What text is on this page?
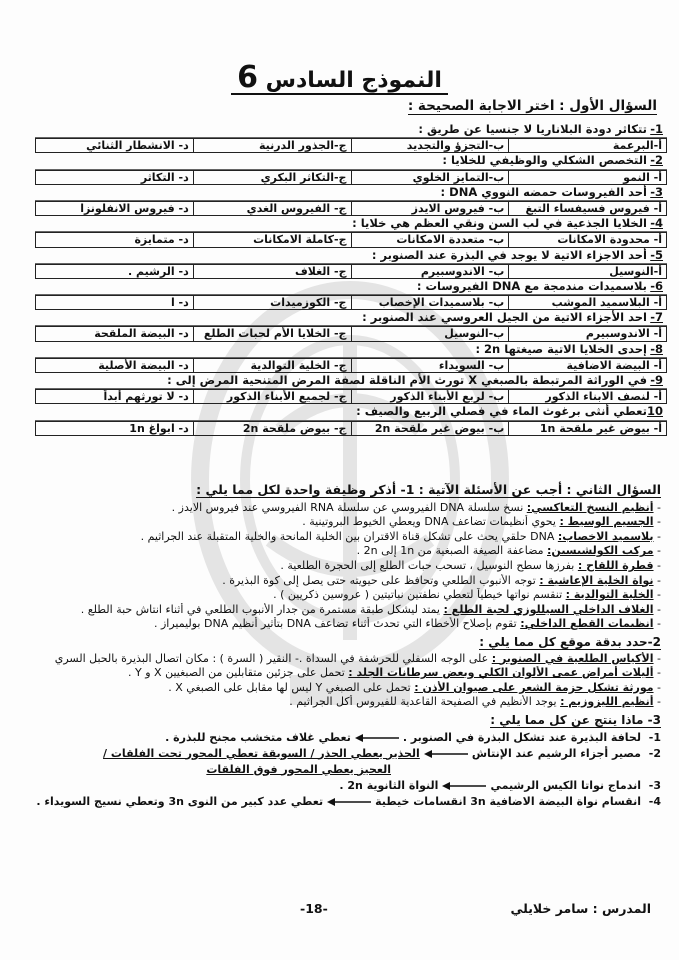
النموذج السادس 6
السؤال الأول : اختر الاجابة الصحيحة :
1-تتكاثر دودة البلاناريا لا جنسيا عن طريق :
أ-البرعمة
ب-التجزؤ والتجديد
ج-الجذور الدرنية
د- الانشطار الثنائي
2-التخصص الشكلي والوظيفي للخلايا :
أ- النمو
ب-التمايز الخلوي
ج-التكاثر البكري
د- التكاثر
3-أحد الفيروسات حمضه النووي DNA :
أ- فيروس فسيفساء التبغ
ب- فيروس الايدز
ج- الفيروس الغدي
د- فيروس الانفلونزا
4-الخلايا الجذعية في لب السن ونقي العظم هي خلايا :
أ- محدودة الامكانات
ب- متعددة الامكانات
ج-كاملة الامكانات
د- متمايزة
5-أحد الاجزاء الاتية لا يوجد في البذرة عند الصنوبر :
أ-النوسيل
ب- الاندوسبيرم
ج- الغلاف
د- الرشيم .
6-بلاسميدات مندمجة مع DNA الفيروسات :
أ- البلاسميد الموشب
ب- بلاسميدات الإخصاب
ج- الكوزميدات
د- ا
7-احد الأجزاء الاتية من الجيل العروسي عند الصنوبر :
أ- الاندوسبيرم
ب-النوسيل
ج- الخلايا الأم لحبات الطلع
د- البيضة الملقحة
8-إحدى الخلايا الاتية صيغتها 2n :
أ- البيضة الاضافية
ب- السويداء
ج- الخلية التوالدية
د- البيضة الأصلية
9-في الوراثة المرتبطة بالصبغي X تورث الأم الناقلة لصفة المرض المتنحية المرض إلى :
أ- لنصف الابناء الذكور
ب- لربع الأبناء الذكور
ج- لجميع الأبناء الذكور
د- لا تورثهم أبداً
10تعطي أنثى برغوث الماء في فصلي الربيع والصيف :
أ- بيوض غير ملقحة 1n
ب- بيوض غير ملقحة 2n
ج- بيوض ملقحة 2n
د- ابواغ 1n
السؤال الثاني : أجب عن الأسئلة الآتية : 1- أذكر وظيفة واحدة لكل مما يلي :
- أنظيم النسخ التعاكسي: نسخ سلسلة DNA الفيروسي عن سلسلة RNA الفيروسي عند فيروس الايدز .
- الجسيم الوسيط : يحوي أنظيمات تضاعف DNA ويعطي الخيوط البروتينية .
- بلاسميد الاخصاب: DNA حلقي يحث على تشكل قناة الاقتران بين الخلية المانحة والخلية المتقبلة عند الجراثيم .
- مركب الكولشيسين: مضاعفة الصيغة الصبغية من 1n إلى 2n .
- قطرة اللقاح : بفرزها سطح النوسيل ، تسحب حبات الطلع إلى الحجرة الطلعية .
- نواة الخلية الإعاشية : توجه الأنبوب الطلعي وتحافظ على حيويته حتى يصل إلى كوة البذيرة .
- الخلية التوالدية : تنقسم نواتها خيطياً لتعطي نطفتين نباتيتين ( عروسين ذكريين ) .
- الغلاف الداخلي السيللوزي لحبة الطلع : يمتد ليشكل طبقة مستمرة من جدار الأنبوب الطلعي في أثناء انتاش حبة الطلع .
- انظيمات القطع الداخلي: تقوم بإصلاح الأخطاء التي تحدث أثناء تضاعف DNA بتأثير أنظيم DNA بوليميراز .
2-حدد بدقة موقع كل مما يلي :
- الأكياس الطلعية في الصنوبر : على الوجه السفلي للحرشفة في السداة .- النقير ( السرة ) : مكان اتصال البذيرة بالحبل السري
- أليلات أمراض عمى الألوان الكلي وبعض سرطانات الجلد : تحمل على جزئين متقابلين من الصبغيين X و Y .
- مورثة تشكل حزمة الشعر على صيوان الأذن : تحمل على الصبغي Y ليس لها مقابل على الصبغي X .
- أنظيم الليزوزيم : يوجد الأنظيم في الصفيحة القاعدية للفيروس أكل الجراثيم .
3- ماذا ينتج عن كل مما يلي :
1-لحافة البذيرة عند تشكل البذرة في الصنوبر .تعطي غلاف متخشب مجنح للبذرة .
2-مصير أجزاء الرشيم عند الإنتاشالجذير يعطي الجذر / السويقة تعطي المحور تحت الفلقات /
العجيز يعطي المحور فوق الفلقات
3-اندماج نواتا الكيس الرشيميالنواة الثانوية 2n .
4-انقسام نواة البيضة الاضافية 3n انقسامات خيطيةتعطي عدد كبير من النوى 3n وتعطي نسيج السويداء .
المدرس : سامر خلايلي
-18-
